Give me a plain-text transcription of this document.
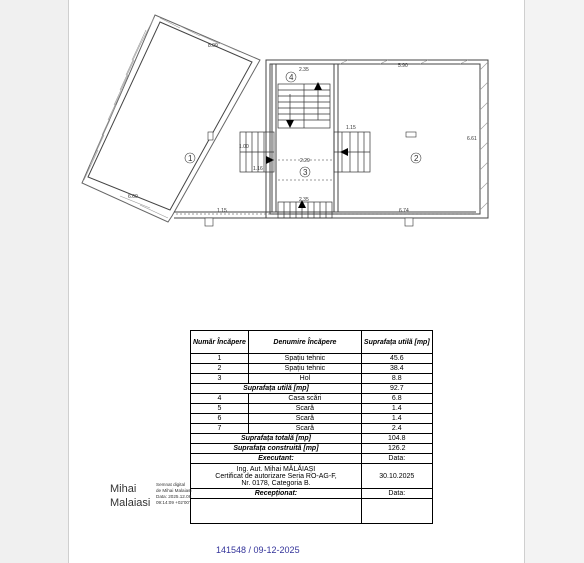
1	2
3
4
8.09
6.60
2.35
5.90
6.61
1.15
2.29
1.15
2.35
6.74
1.16
1.00
Număr Încăpere	Denumire Încăpere	Suprafața utilă [mp]
1	Spațiu tehnic	45.6
2	Spațiu tehnic	38.4
3	Hol	8.8
Suprafața utilă [mp]		92.7
4	Casa scări	6.8
5	Scară	1.4
6	Scară	1.4
7	Scară	2.4
Suprafața totală [mp]		104.8
Suprafața construită [mp]		126.2
Executant:		Data:

Ing. Aut. Mihai MĂLĂIAȘI
Certificat de autorizare Seria RO-AG-F,
Nr. 0178, Categoria B.		30.10.2025
Recepționat:		Data:

Mihai
Malaiasi
Semnat digital
de Mihai Malaiasi
Data: 2025.12.08
09:14:09 +02'00'
141548 / 09-12-2025
